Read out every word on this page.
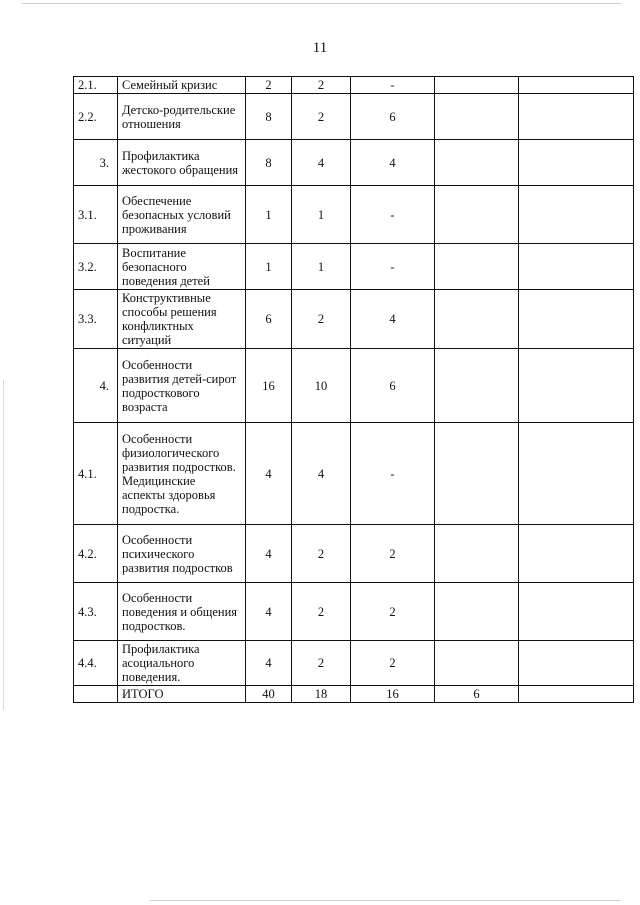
11
2.1.	Семейный кризис	2	2	-		
2.2.	Детско-родительские отношения	8	2	6		
3.	Профилактика жестокого обращения	8	4	4		
3.1.	Обеспечение безопасных условий проживания	1	1	-		
3.2.	Воспитание безопасного поведения детей	1	1	-		
3.3.	Конструктивные способы решения конфликтных ситуаций	6	2	4		
4.	Особенности развития детей-сирот подросткового возраста	16	10	6		
4.1.	Особенности физиологического развития подростков. Медицинские аспекты здоровья подростка.	4	4	-		
4.2.	Особенности психического развития подростков	4	2	2		
4.3.	Особенности поведения и общения подростков.	4	2	2		
4.4.	Профилактика асоциального поведения.	4	2	2		
	ИТОГО	40	18	16	6	
